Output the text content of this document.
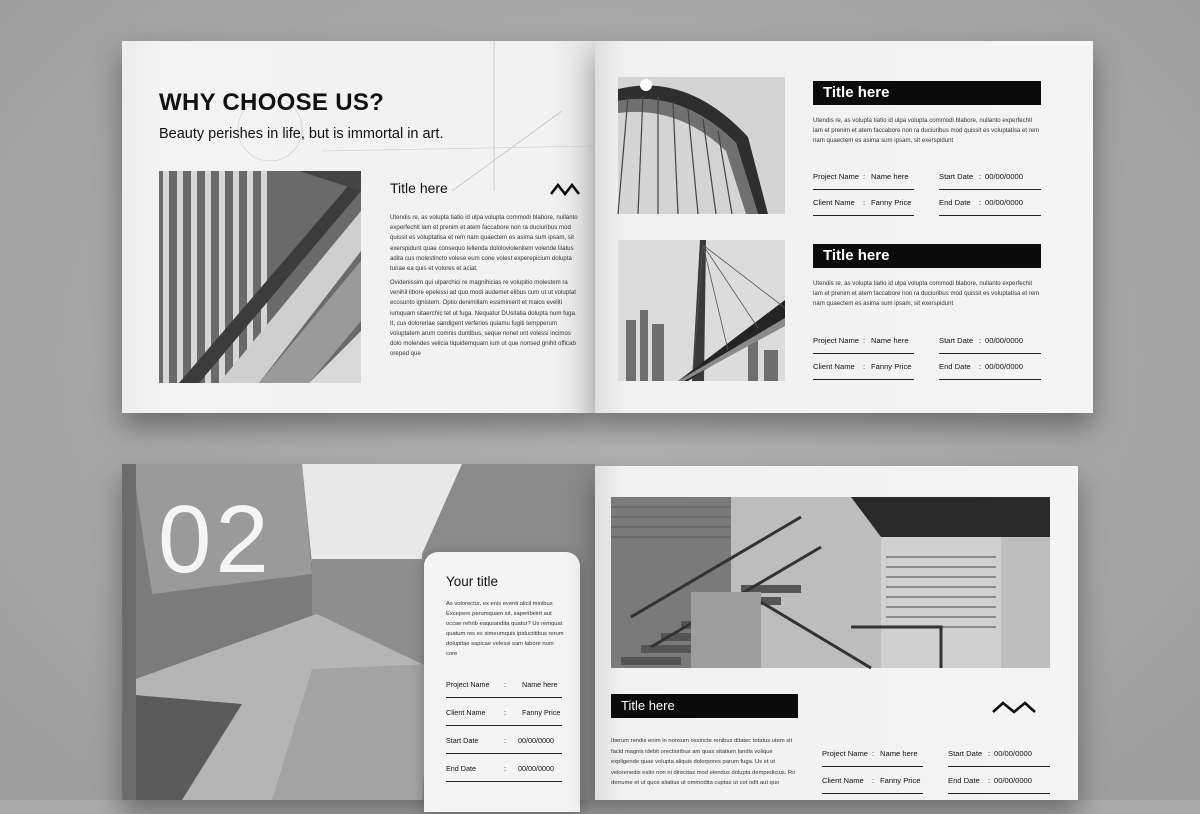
WHY CHOOSE US?
Beauty perishes in life, but is immortal in art.
Title here
Utendis re, as volupta tiatio id ulpa volupta commodi blabore, nullanto experfechit lam et prenim et atem faccabore non ra duciuribus mod quissit es voluptatisa et rem nam quaectem es asima sum ipsam, sit exerspidunt quae consequo tellenda dololoviolenitem volende lilatus adita cus molestincto volese eum cone volest experepicium dolupta turiae ea quis et volores et aciat.
Ovidenissim qui ulparchici re magnihicias re volupitio molestem ra venihil libore epelessi ad quo modi audemet elibus cum ut ut voluptat ecosunto ignistem. Optio denimillam essiminient et maios eveliti iumquam sitaerchic tet ut fuga. Nequatur DUsitatia dolupta num fuga. It, cus doloreriae sandigent verferios quiamu fugiti tempperum voluptatem arum comnis duntibus, seque nonet unt volessi incimos dolo molendes velicia tiquidemquam ium ut que nonsed gnihit officab oreped que
Title here
Utendis re, as volupta tiatio id ulpa volupta commodi blabore, nullanto experfechit lam et prenim et atem faccabore non ra duciuribus mod quissit es voluptatisa et rem nam quaectem es asima sum ipsam, sit exerspidunt
Project Name : Name here
Client Name : Fanny Price
Start Date : 00/00/0000
End Date : 00/00/0000
Title here
Utendis re, as volupta tiatio id ulpa volupta commodi blabore, nullanto experfechit lam et prenim et atem faccabore non ra duciuribus mod quissit es voluptatisa et rem nam quaectem es asima sum ipsam, sit exerspidunt
Project Name : Name here
Client Name : Fanny Price
Start Date : 00/00/0000
End Date : 00/00/0000
02	Your title
As volorectur, ex enis eventi alicil minibus Excepero perumquam sit, saperibeirit aut occae rehrib eaquiandita quatur? Us remquat quatum res es simeumquis ipiduciitibus rerum dolupitae sapicae velessi sam labore num core
Project Name : Name here
Client Name	: Fanny Price
Start Date	: 00/00/0000
End Date	: 00/00/0000
Title here
Iberum rendis enim in nonsum ossincte renibus ditatec totatus utem sit facid magnis idebit orectioribus am quas sitatium landis volique expligende quae volupta aliquis dolorpores parum fuga. Us et ut velorenedis estin non ni direcitas mod elendus dolupta dempedicius. Ro derrume et ut quos aliatius ut ommodita cuptas ut cot odit aut quo
Project Name : Name here
Client Name : Fanny Price
Start Date : 00/00/0000
End Date : 00/00/0000
